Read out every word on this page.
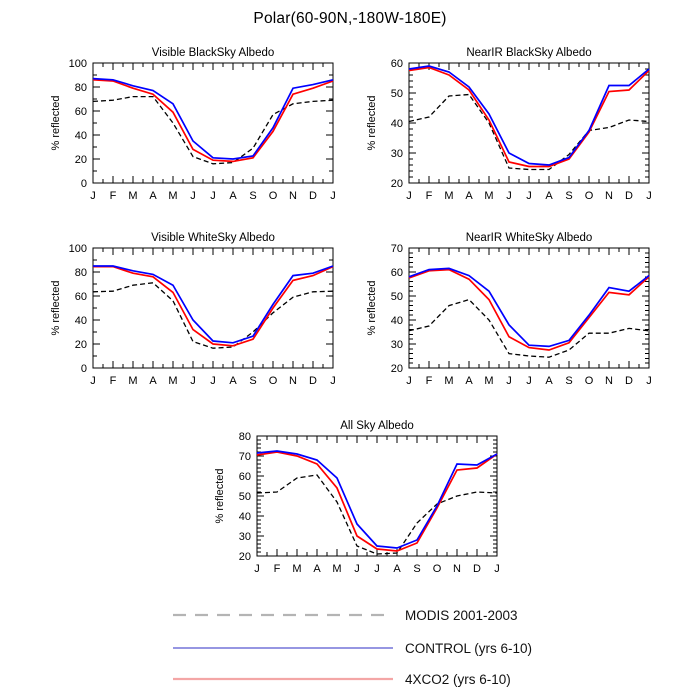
Polar(60-90N,-180W-180E)
0
20
40
60
80
100
J F M A M J J A S O N D J
Visible BlackSky Albedo
% reflected
20
30
40
50
60
J F M A M J J A S O N D J
NearIR BlackSky Albedo
% reflected
0
20
40
60
80
100
J F M A M J J A S O N D J
Visible WhiteSky Albedo
% reflected
20
30
40
50
60
70
J F M A M J J A S O N D J
NearIR WhiteSky Albedo
% reflected
20
30
40
50
60
70
80
J F M A M J J A S O N D J
All Sky Albedo
% reflected
MODIS 2001-2003
CONTROL (yrs 6-10)
4XCO2 (yrs 6-10)
